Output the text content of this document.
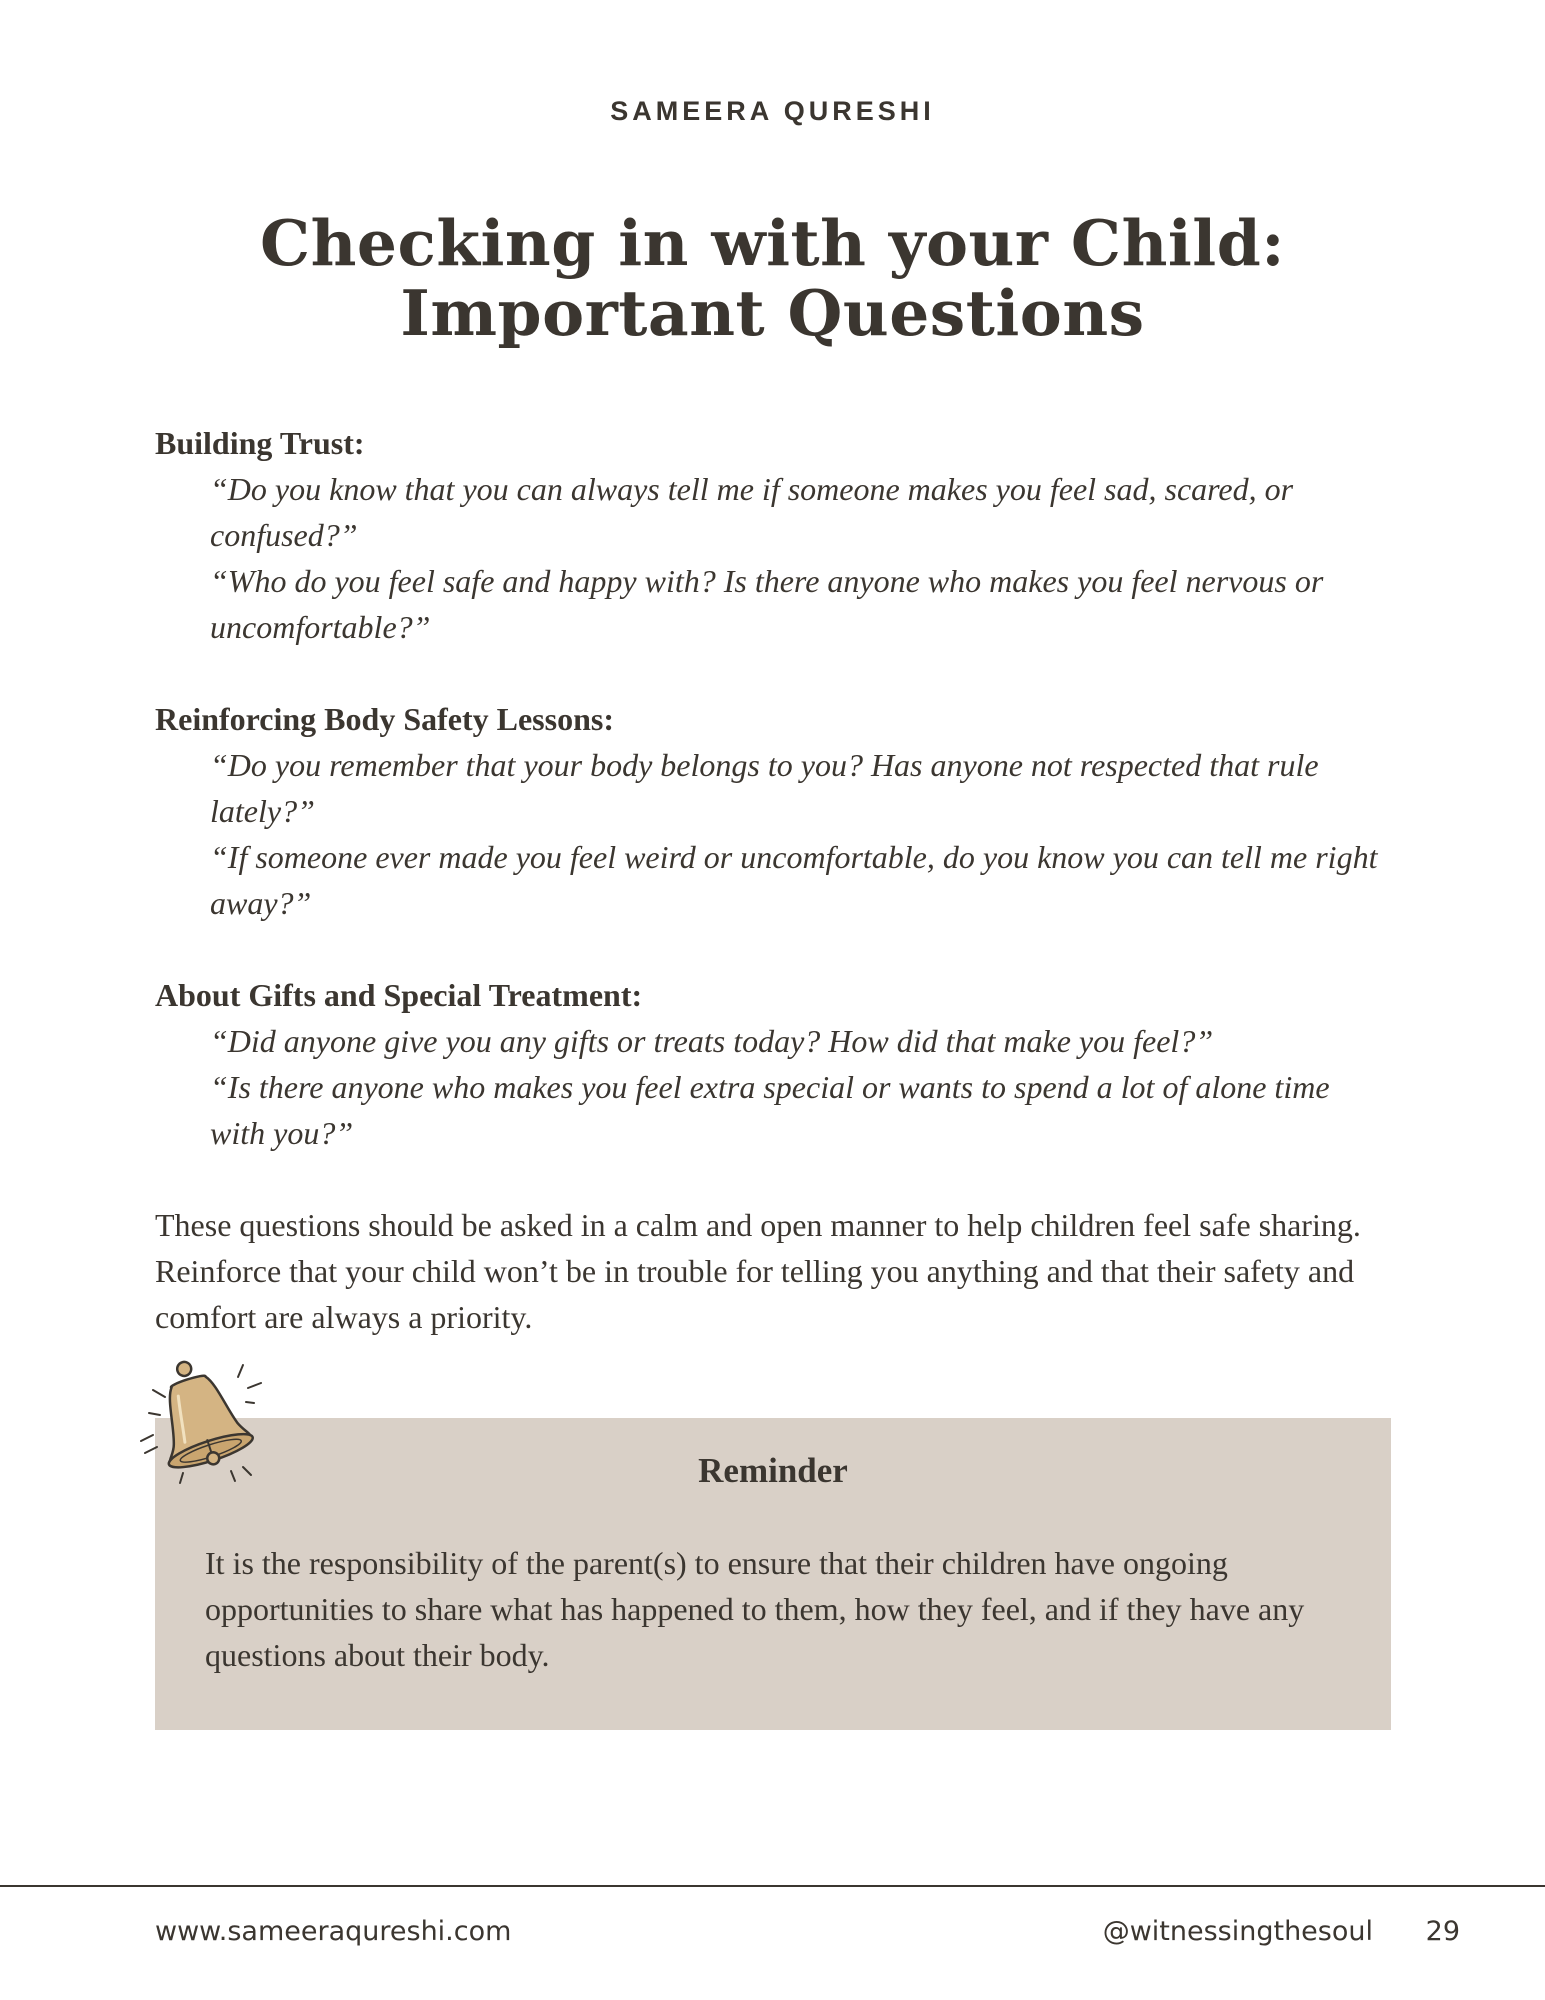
SAMEERA QURESHI
Checking in with your Child: Important Questions
Building Trust:
“Do you know that you can always tell me if someone makes you feel sad, scared, or confused?”
“Who do you feel safe and happy with? Is there anyone who makes you feel nervous or uncomfortable?”
Reinforcing Body Safety Lessons:
“Do you remember that your body belongs to you? Has anyone not respected that rule lately?”
“If someone ever made you feel weird or uncomfortable, do you know you can tell me right away?”
About Gifts and Special Treatment:
“Did anyone give you any gifts or treats today? How did that make you feel?”
“Is there anyone who makes you feel extra special or wants to spend a lot of alone time with you?”
These questions should be asked in a calm and open manner to help children feel safe sharing. Reinforce that your child won’t be in trouble for telling you anything and that their safety and comfort are always a priority.
Reminder
It is the responsibility of the parent(s) to ensure that their children have ongoing opportunities to share what has happened to them, how they feel, and if they have any questions about their body.
www.sameeraqureshi.com	@witnessingthesoul 29
